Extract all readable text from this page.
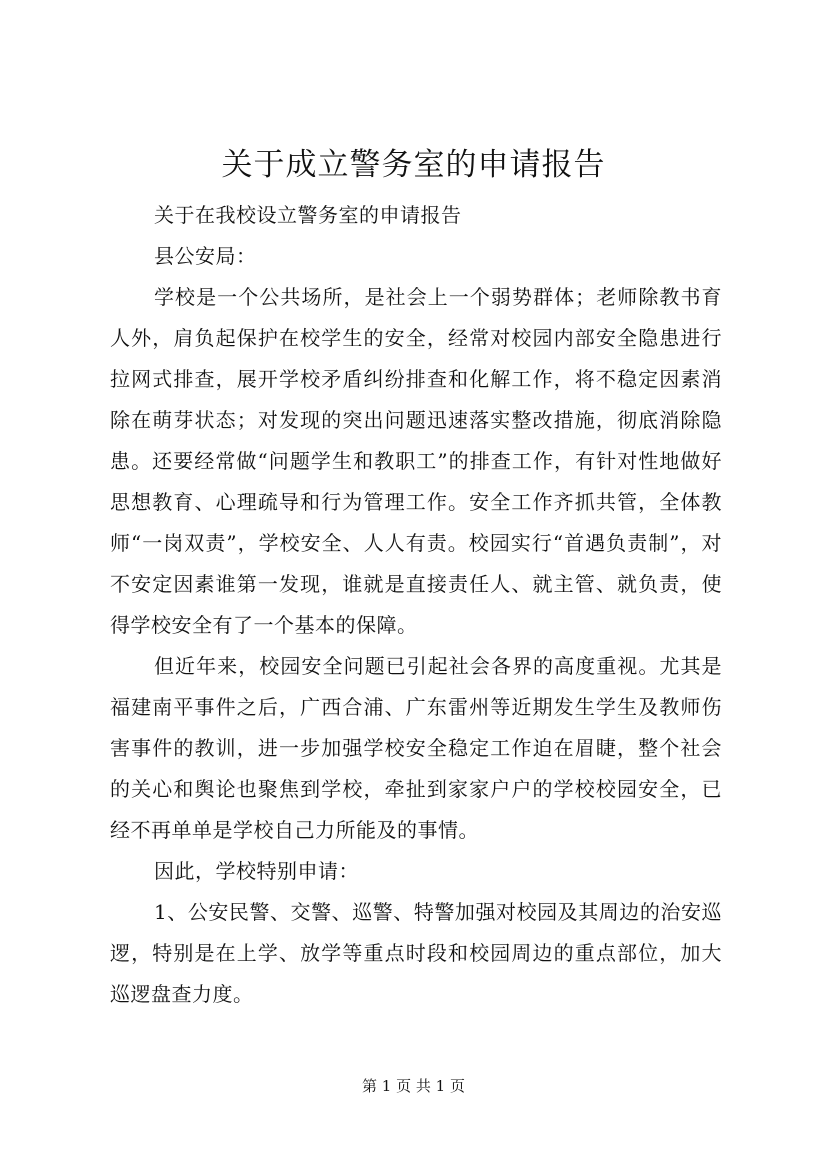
关于成立警务室的申请报告

关于在我校设立警务室的申请报告

县公安局：

学校是一个公共场所，是社会上一个弱势群体；老师除教书育人外，肩负起保护在校学生的安全，经常对校园内部安全隐患进行拉网式排查，展开学校矛盾纠纷排查和化解工作，将不稳定因素消除在萌芽状态；对发现的突出问题迅速落实整改措施，彻底消除隐患。还要经常做“问题学生和教职工”的排查工作，有针对性地做好思想教育、心理疏导和行为管理工作。安全工作齐抓共管，全体教师“一岗双责”，学校安全、人人有责。校园实行“首遇负责制”，对不安定因素谁第一发现，谁就是直接责任人、就主管、就负责，使得学校安全有了一个基本的保障。

但近年来，校园安全问题已引起社会各界的高度重视。尤其是福建南平事件之后，广西合浦、广东雷州等近期发生学生及教师伤害事件的教训，进一步加强学校安全稳定工作迫在眉睫，整个社会的关心和舆论也聚焦到学校，牵扯到家家户户的学校校园安全，已经不再单单是学校自己力所能及的事情。

因此，学校特别申请：

1、公安民警、交警、巡警、特警加强对校园及其周边的治安巡逻，特别是在上学、放学等重点时段和校园周边的重点部位，加大巡逻盘查力度。

第 1 页 共 1 页
